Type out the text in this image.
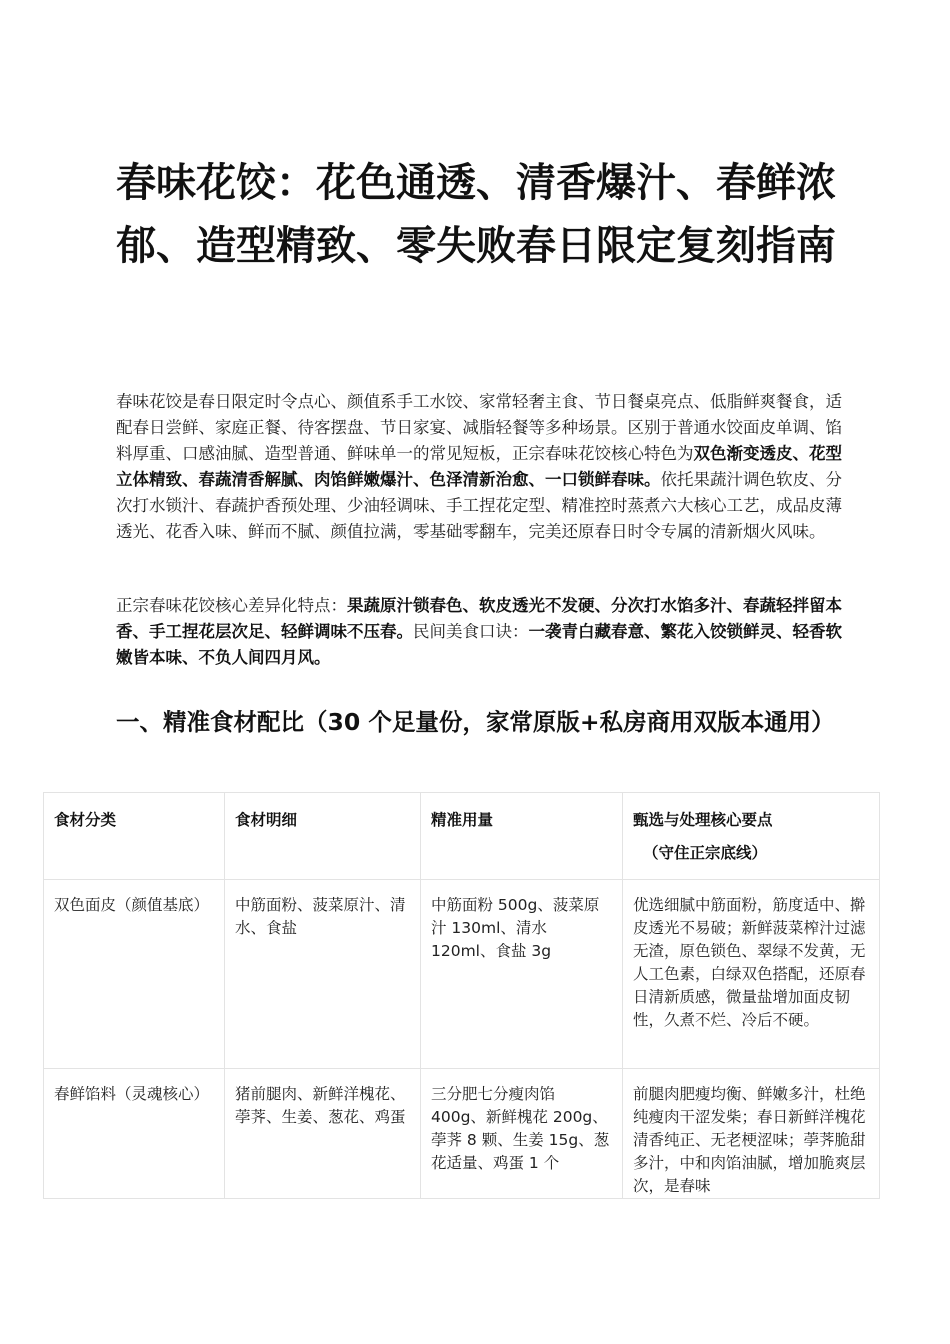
春味花饺：花色通透、清香爆汁、春鲜浓郁、造型精致、零失败春日限定复刻指南

春味花饺是春日限定时令点心、颜值系手工水饺、家常轻奢主食、节日餐桌亮点、低脂鲜爽餐食，适配春日尝鲜、家庭正餐、待客摆盘、节日家宴、减脂轻餐等多种场景。区别于普通水饺面皮单调、馅料厚重、口感油腻、造型普通、鲜味单一的常见短板，正宗春味花饺核心特色为双色渐变透皮、花型立体精致、春蔬清香解腻、肉馅鲜嫩爆汁、色泽清新治愈、一口锁鲜春味。依托果蔬汁调色软皮、分次打水锁汁、春蔬护香预处理、少油轻调味、手工捏花定型、精准控时蒸煮六大核心工艺，成品皮薄透光、花香入味、鲜而不腻、颜值拉满，零基础零翻车，完美还原春日时令专属的清新烟火风味。

正宗春味花饺核心差异化特点：果蔬原汁锁春色、软皮透光不发硬、分次打水馅多汁、春蔬轻拌留本香、手工捏花层次足、轻鲜调味不压春。民间美食口诀：一袭青白藏春意、繁花入饺锁鲜灵、轻香软嫩皆本味、不负人间四月风。

一、精准食材配比（30 个足量份，家常原版+私房商用双版本通用）
食材分类	食材明细	精准用量	甄选与处理核心要点
（守住正宗底线）

双色面皮（颜值基底）	中筋面粉、菠菜原汁、清水、食盐	中筋面粉 500g、菠菜原汁 130ml、清水 120ml、食盐 3g	优选细腻中筋面粉，筋度适中、擀皮透光不易破；新鲜菠菜榨汁过滤无渣，原色锁色、翠绿不发黄，无人工色素，白绿双色搭配，还原春日清新质感，微量盐增加面皮韧性，久煮不烂、冷后不硬。

春鲜馅料（灵魂核心）	猪前腿肉、新鲜洋槐花、荸荠、生姜、葱花、鸡蛋	三分肥七分瘦肉馅 400g、新鲜槐花 200g、荸荠 8 颗、生姜 15g、葱花适量、鸡蛋 1 个	前腿肉肥瘦均衡、鲜嫩多汁，杜绝纯瘦肉干涩发柴；春日新鲜洋槐花清香纯正、无老梗涩味；荸荠脆甜多汁，中和肉馅油腻，增加脆爽层次，是春味
